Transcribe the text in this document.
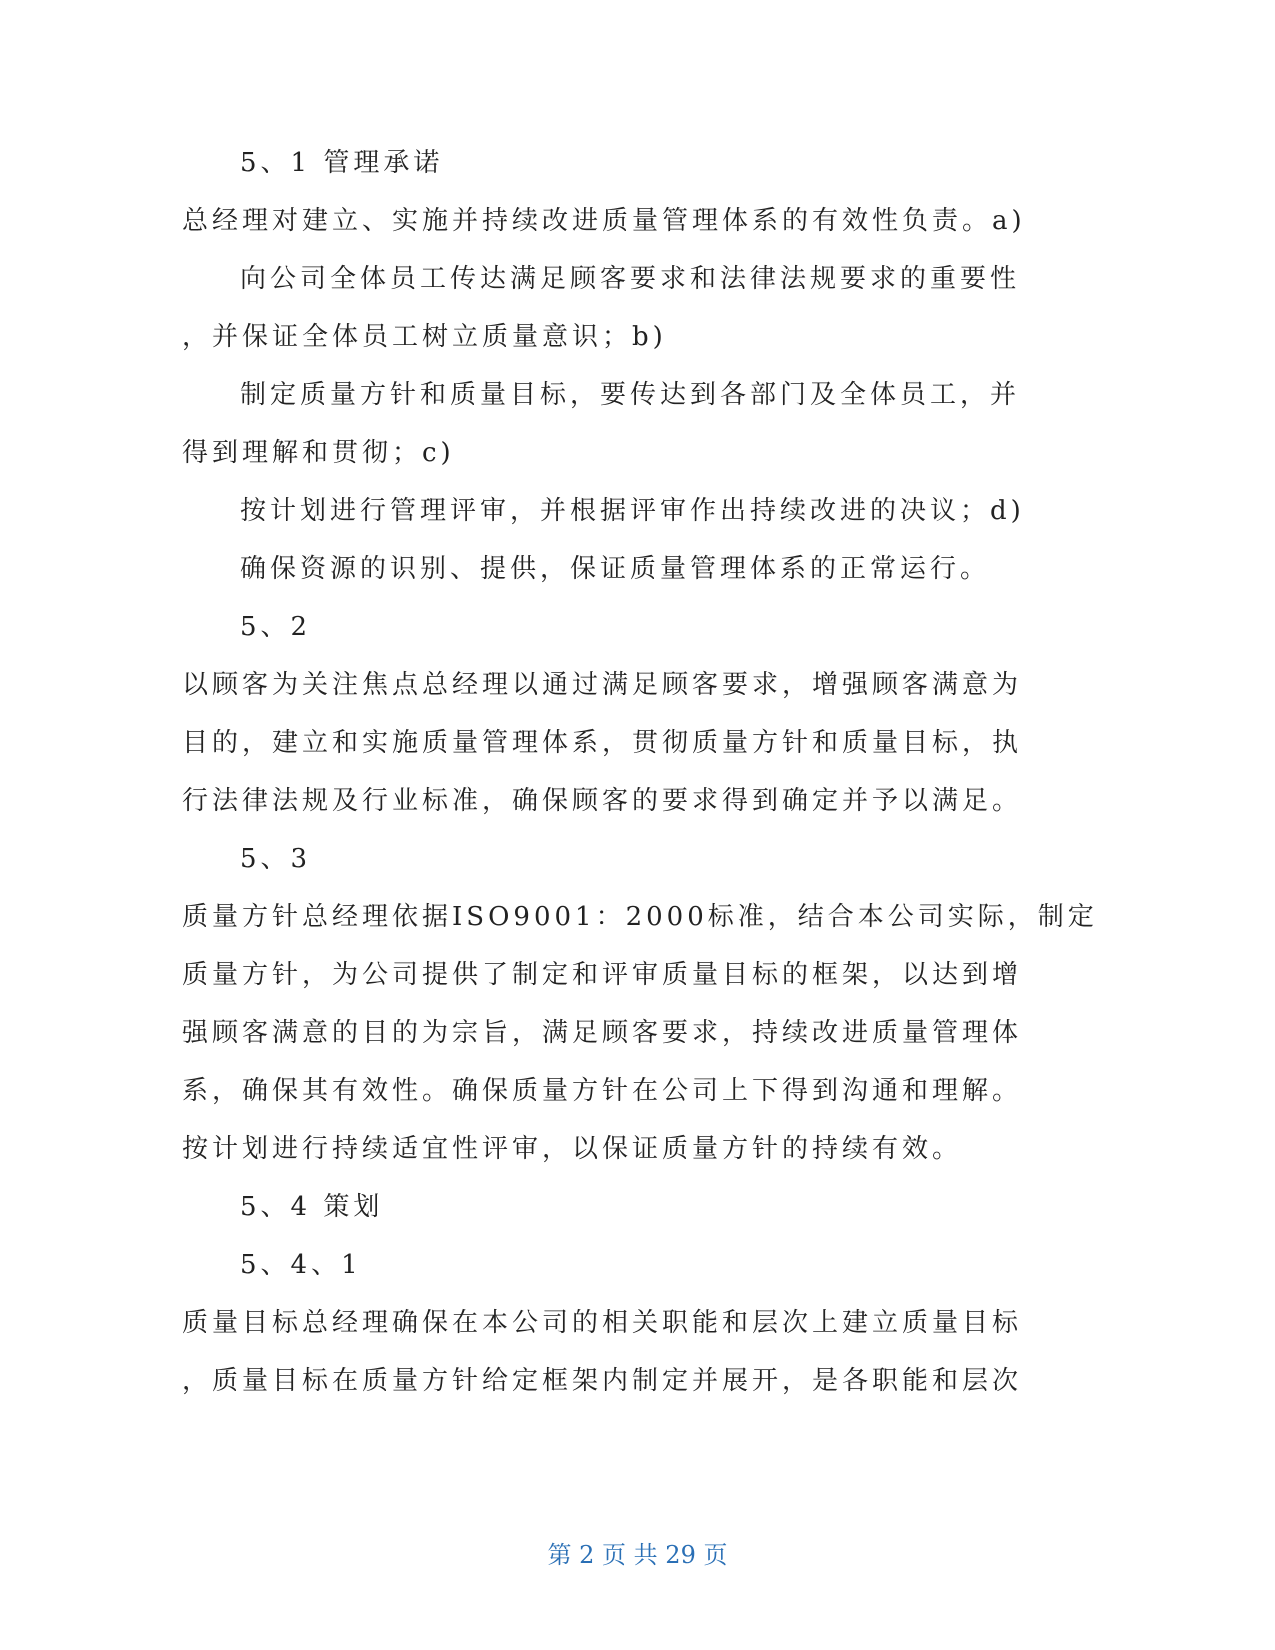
5、1 管理承诺
总经理对建立、实施并持续改进质量管理体系的有效性负责。a)
向公司全体员工传达满足顾客要求和法律法规要求的重要性
，并保证全体员工树立质量意识；b)
制定质量方针和质量目标，要传达到各部门及全体员工，并
得到理解和贯彻；c)
按计划进行管理评审，并根据评审作出持续改进的决议；d)
确保资源的识别、提供，保证质量管理体系的正常运行。
5、2
以顾客为关注焦点总经理以通过满足顾客要求，增强顾客满意为
目的，建立和实施质量管理体系，贯彻质量方针和质量目标，执
行法律法规及行业标准，确保顾客的要求得到确定并予以满足。
5、3
质量方针总经理依据ISO9001：2000标准，结合本公司实际，制定
质量方针，为公司提供了制定和评审质量目标的框架，以达到增
强顾客满意的目的为宗旨，满足顾客要求，持续改进质量管理体
系，确保其有效性。确保质量方针在公司上下得到沟通和理解。
按计划进行持续适宜性评审，以保证质量方针的持续有效。
5、4 策划
5、4、1
质量目标总经理确保在本公司的相关职能和层次上建立质量目标
，质量目标在质量方针给定框架内制定并展开，是各职能和层次
第 2 页 共 29 页
